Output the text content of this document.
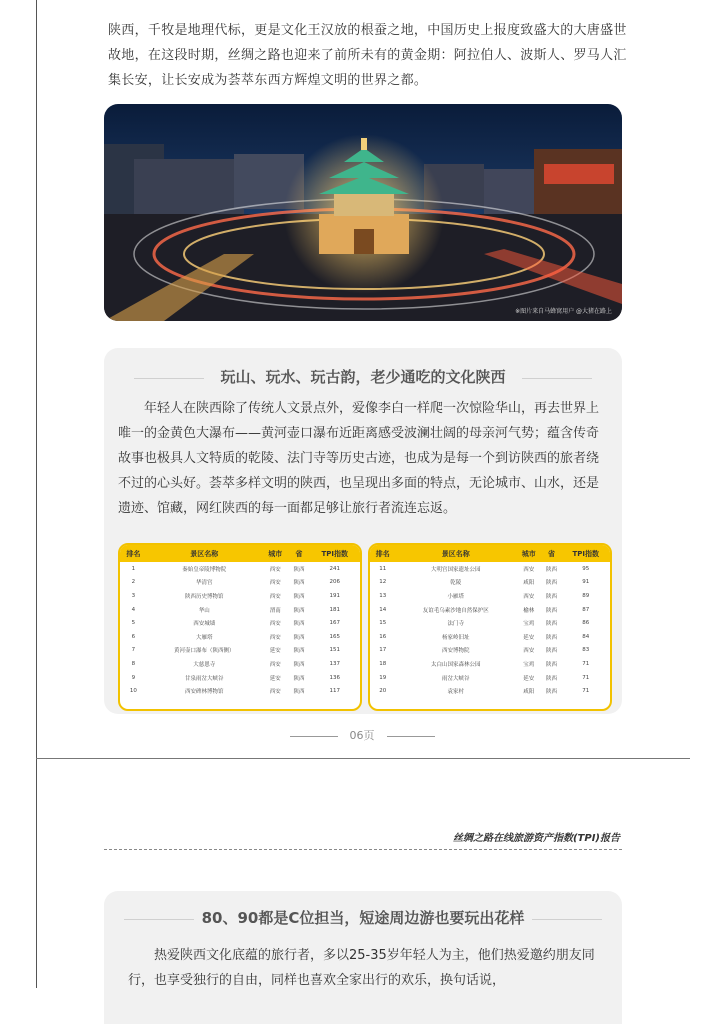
陕西，千牧是地理代标，更是文化王汉放的根蚕之地，中国历史上报度致盛大的大唐盛世故地，在这段时期，丝绸之路也迎来了前所未有的黄金期：阿拉伯人、波斯人、罗马人汇集长安，让长安成为荟萃东西方辉煌文明的世界之都。

※图片来自马蜂窝用户 @大猪在路上
玩山、玩水、玩古韵，老少通吃的文化陕西

年轻人在陕西除了传统人文景点外，爱像李白一样爬一次惊险华山，再去世界上唯一的金黄色大瀑布——黄河壶口瀑布近距离感受波澜壮阔的母亲河气势；蕴含传奇故事也极具人文特质的乾陵、法门寺等历史古迹，也成为是每一个到访陕西的旅者绕不过的心头好。荟萃多样文明的陕西，也呈现出多面的特点，无论城市、山水，还是遗迹、馆藏，网红陕西的每一面都足够让旅行者流连忘返。

排名	景区名称	城市	省	TPI指数
1	秦始皇帝陵博物院	西安	陕西	241
2	华清宫	西安	陕西	206
3	陕西历史博物馆	西安	陕西	191
4	华山	渭南	陕西	181
5	西安城墙	西安	陕西	167
6	大雁塔	西安	陕西	165
7	黄河壶口瀑布（陕西侧）	延安	陕西	151
8	大慈恩寺	西安	陕西	137
9	甘泉雨岔大峡谷	延安	陕西	136
10	西安碑林博物馆	西安	陕西	117
排名	景区名称	城市	省	TPI指数
11	大明宫国家遗址公园	西安	陕西	95
12	乾陵	咸阳	陕西	91
13	小雁塔	西安	陕西	89
14	友谊毛乌素沙地自然保护区	榆林	陕西	87
15	法门寺	宝鸡	陕西	86
16	杨家岭旧址	延安	陕西	84
17	西安博物院	西安	陕西	83
18	太白山国家森林公园	宝鸡	陕西	71
19	雨岔大峡谷	延安	陕西	71
20	袁家村	咸阳	陕西	71
06页
丝绸之路在线旅游资产指数(TPI)报告
80、90都是C位担当，短途周边游也要玩出花样

热爱陕西文化底蕴的旅行者，多以25-35岁年轻人为主，他们热爱邀约朋友同行，也享受独行的自由，同样也喜欢全家出行的欢乐，换句话说，
